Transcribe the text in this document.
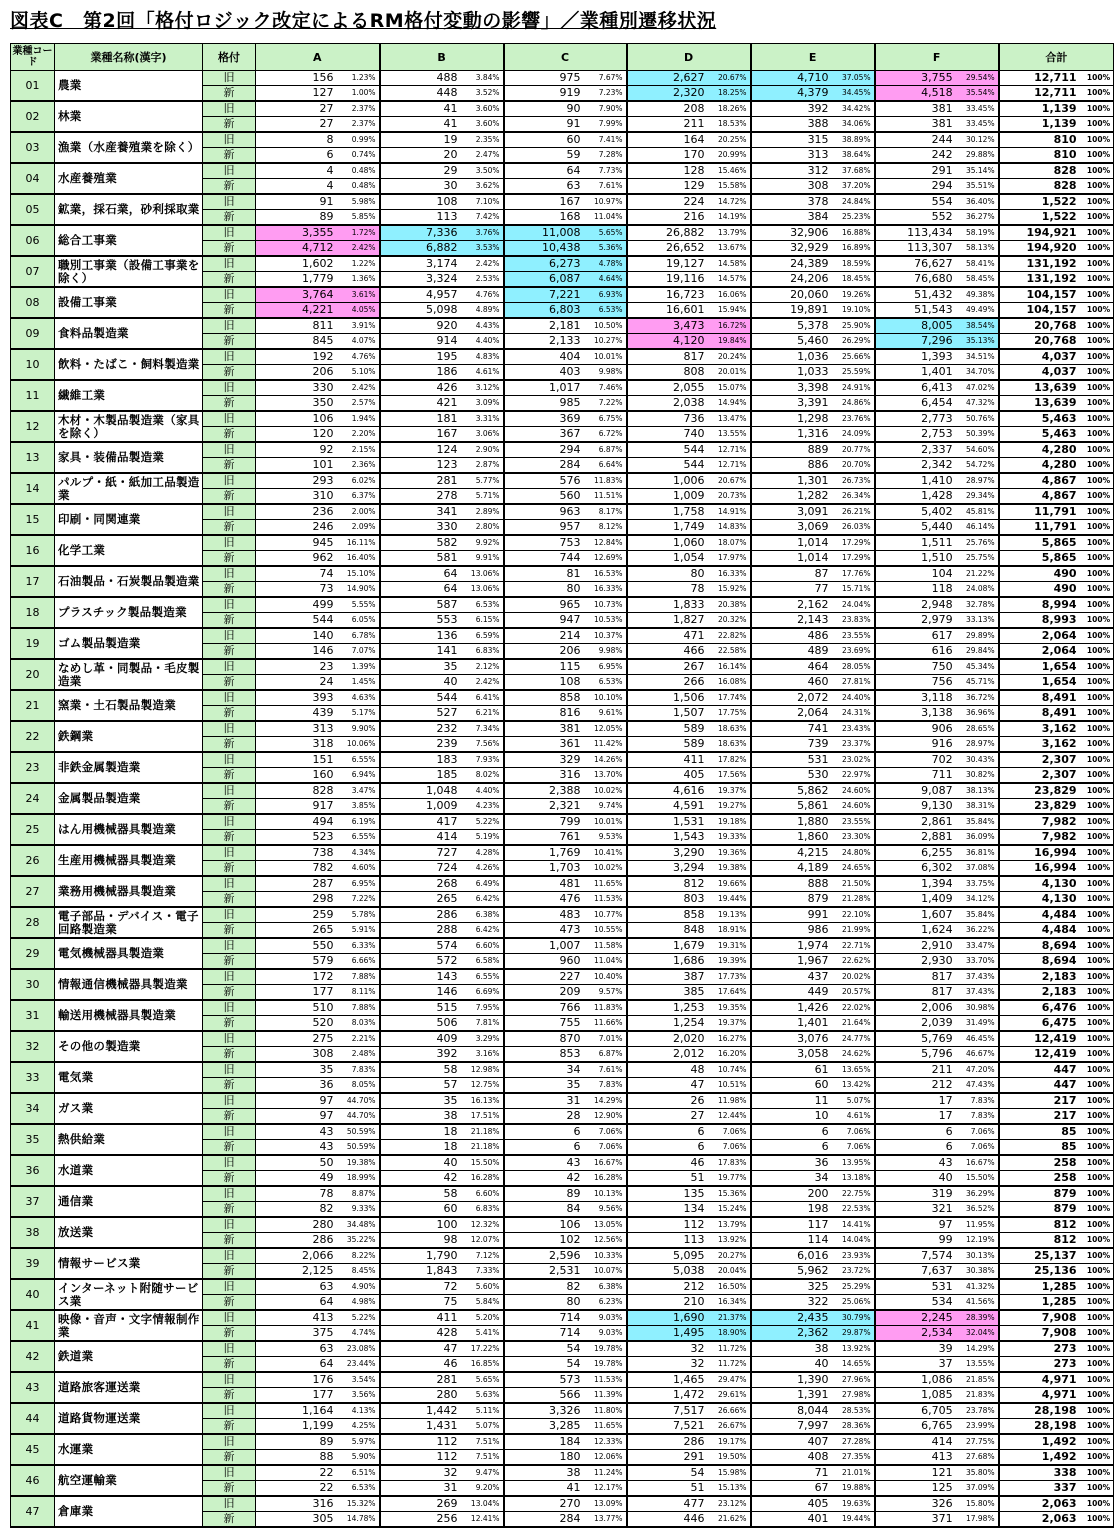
図表C　第2回「格付ロジック改定によるRM格付変動の影響」／業種別遷移状況
業種コード	業種名称(漢字)	格付	A		B		C		D		E		F		合計	
01	農業	旧	156	1.23%	488	3.84%	975	7.67%	2,627	20.67%	4,710	37.05%	3,755	29.54%	12,711	100%
		新	127	1.00%	448	3.52%	919	7.23%	2,320	18.25%	4,379	34.45%	4,518	35.54%	12,711	100%
02	林業	旧	27	2.37%	41	3.60%	90	7.90%	208	18.26%	392	34.42%	381	33.45%	1,139	100%
		新	27	2.37%	41	3.60%	91	7.99%	211	18.53%	388	34.06%	381	33.45%	1,139	100%
03	漁業（水産養殖業を除く）	旧	8	0.99%	19	2.35%	60	7.41%	164	20.25%	315	38.89%	244	30.12%	810	100%
		新	6	0.74%	20	2.47%	59	7.28%	170	20.99%	313	38.64%	242	29.88%	810	100%
04	水産養殖業	旧	4	0.48%	29	3.50%	64	7.73%	128	15.46%	312	37.68%	291	35.14%	828	100%
		新	4	0.48%	30	3.62%	63	7.61%	129	15.58%	308	37.20%	294	35.51%	828	100%
05	鉱業，採石業，砂利採取業	旧	91	5.98%	108	7.10%	167	10.97%	224	14.72%	378	24.84%	554	36.40%	1,522	100%
		新	89	5.85%	113	7.42%	168	11.04%	216	14.19%	384	25.23%	552	36.27%	1,522	100%
06	総合工事業	旧	3,355	1.72%	7,336	3.76%	11,008	5.65%	26,882	13.79%	32,906	16.88%	113,434	58.19%	194,921	100%
		新	4,712	2.42%	6,882	3.53%	10,438	5.36%	26,652	13.67%	32,929	16.89%	113,307	58.13%	194,920	100%
07	職別工事業（設備工事業を除く）	旧	1,602	1.22%	3,174	2.42%	6,273	4.78%	19,127	14.58%	24,389	18.59%	76,627	58.41%	131,192	100%
		新	1,779	1.36%	3,324	2.53%	6,087	4.64%	19,116	14.57%	24,206	18.45%	76,680	58.45%	131,192	100%
08	設備工事業	旧	3,764	3.61%	4,957	4.76%	7,221	6.93%	16,723	16.06%	20,060	19.26%	51,432	49.38%	104,157	100%
		新	4,221	4.05%	5,098	4.89%	6,803	6.53%	16,601	15.94%	19,891	19.10%	51,543	49.49%	104,157	100%
09	食料品製造業	旧	811	3.91%	920	4.43%	2,181	10.50%	3,473	16.72%	5,378	25.90%	8,005	38.54%	20,768	100%
		新	845	4.07%	914	4.40%	2,133	10.27%	4,120	19.84%	5,460	26.29%	7,296	35.13%	20,768	100%
10	飲料・たばこ・飼料製造業	旧	192	4.76%	195	4.83%	404	10.01%	817	20.24%	1,036	25.66%	1,393	34.51%	4,037	100%
		新	206	5.10%	186	4.61%	403	9.98%	808	20.01%	1,033	25.59%	1,401	34.70%	4,037	100%
11	繊維工業	旧	330	2.42%	426	3.12%	1,017	7.46%	2,055	15.07%	3,398	24.91%	6,413	47.02%	13,639	100%
		新	350	2.57%	421	3.09%	985	7.22%	2,038	14.94%	3,391	24.86%	6,454	47.32%	13,639	100%
12	木材・木製品製造業（家具を除く）	旧	106	1.94%	181	3.31%	369	6.75%	736	13.47%	1,298	23.76%	2,773	50.76%	5,463	100%
		新	120	2.20%	167	3.06%	367	6.72%	740	13.55%	1,316	24.09%	2,753	50.39%	5,463	100%
13	家具・装備品製造業	旧	92	2.15%	124	2.90%	294	6.87%	544	12.71%	889	20.77%	2,337	54.60%	4,280	100%
		新	101	2.36%	123	2.87%	284	6.64%	544	12.71%	886	20.70%	2,342	54.72%	4,280	100%
14	パルプ・紙・紙加工品製造業	旧	293	6.02%	281	5.77%	576	11.83%	1,006	20.67%	1,301	26.73%	1,410	28.97%	4,867	100%
		新	310	6.37%	278	5.71%	560	11.51%	1,009	20.73%	1,282	26.34%	1,428	29.34%	4,867	100%
15	印刷・同関連業	旧	236	2.00%	341	2.89%	963	8.17%	1,758	14.91%	3,091	26.21%	5,402	45.81%	11,791	100%
		新	246	2.09%	330	2.80%	957	8.12%	1,749	14.83%	3,069	26.03%	5,440	46.14%	11,791	100%
16	化学工業	旧	945	16.11%	582	9.92%	753	12.84%	1,060	18.07%	1,014	17.29%	1,511	25.76%	5,865	100%
		新	962	16.40%	581	9.91%	744	12.69%	1,054	17.97%	1,014	17.29%	1,510	25.75%	5,865	100%
17	石油製品・石炭製品製造業	旧	74	15.10%	64	13.06%	81	16.53%	80	16.33%	87	17.76%	104	21.22%	490	100%
		新	73	14.90%	64	13.06%	80	16.33%	78	15.92%	77	15.71%	118	24.08%	490	100%
18	プラスチック製品製造業	旧	499	5.55%	587	6.53%	965	10.73%	1,833	20.38%	2,162	24.04%	2,948	32.78%	8,994	100%
		新	544	6.05%	553	6.15%	947	10.53%	1,827	20.32%	2,143	23.83%	2,979	33.13%	8,993	100%
19	ゴム製品製造業	旧	140	6.78%	136	6.59%	214	10.37%	471	22.82%	486	23.55%	617	29.89%	2,064	100%
		新	146	7.07%	141	6.83%	206	9.98%	466	22.58%	489	23.69%	616	29.84%	2,064	100%
20	なめし革・同製品・毛皮製造業	旧	23	1.39%	35	2.12%	115	6.95%	267	16.14%	464	28.05%	750	45.34%	1,654	100%
		新	24	1.45%	40	2.42%	108	6.53%	266	16.08%	460	27.81%	756	45.71%	1,654	100%
21	窯業・土石製品製造業	旧	393	4.63%	544	6.41%	858	10.10%	1,506	17.74%	2,072	24.40%	3,118	36.72%	8,491	100%
		新	439	5.17%	527	6.21%	816	9.61%	1,507	17.75%	2,064	24.31%	3,138	36.96%	8,491	100%
22	鉄鋼業	旧	313	9.90%	232	7.34%	381	12.05%	589	18.63%	741	23.43%	906	28.65%	3,162	100%
		新	318	10.06%	239	7.56%	361	11.42%	589	18.63%	739	23.37%	916	28.97%	3,162	100%
23	非鉄金属製造業	旧	151	6.55%	183	7.93%	329	14.26%	411	17.82%	531	23.02%	702	30.43%	2,307	100%
		新	160	6.94%	185	8.02%	316	13.70%	405	17.56%	530	22.97%	711	30.82%	2,307	100%
24	金属製品製造業	旧	828	3.47%	1,048	4.40%	2,388	10.02%	4,616	19.37%	5,862	24.60%	9,087	38.13%	23,829	100%
		新	917	3.85%	1,009	4.23%	2,321	9.74%	4,591	19.27%	5,861	24.60%	9,130	38.31%	23,829	100%
25	はん用機械器具製造業	旧	494	6.19%	417	5.22%	799	10.01%	1,531	19.18%	1,880	23.55%	2,861	35.84%	7,982	100%
		新	523	6.55%	414	5.19%	761	9.53%	1,543	19.33%	1,860	23.30%	2,881	36.09%	7,982	100%
26	生産用機械器具製造業	旧	738	4.34%	727	4.28%	1,769	10.41%	3,290	19.36%	4,215	24.80%	6,255	36.81%	16,994	100%
		新	782	4.60%	724	4.26%	1,703	10.02%	3,294	19.38%	4,189	24.65%	6,302	37.08%	16,994	100%
27	業務用機械器具製造業	旧	287	6.95%	268	6.49%	481	11.65%	812	19.66%	888	21.50%	1,394	33.75%	4,130	100%
		新	298	7.22%	265	6.42%	476	11.53%	803	19.44%	879	21.28%	1,409	34.12%	4,130	100%
28	電子部品・デバイス・電子回路製造業	旧	259	5.78%	286	6.38%	483	10.77%	858	19.13%	991	22.10%	1,607	35.84%	4,484	100%
		新	265	5.91%	288	6.42%	473	10.55%	848	18.91%	986	21.99%	1,624	36.22%	4,484	100%
29	電気機械器具製造業	旧	550	6.33%	574	6.60%	1,007	11.58%	1,679	19.31%	1,974	22.71%	2,910	33.47%	8,694	100%
		新	579	6.66%	572	6.58%	960	11.04%	1,686	19.39%	1,967	22.62%	2,930	33.70%	8,694	100%
30	情報通信機械器具製造業	旧	172	7.88%	143	6.55%	227	10.40%	387	17.73%	437	20.02%	817	37.43%	2,183	100%
		新	177	8.11%	146	6.69%	209	9.57%	385	17.64%	449	20.57%	817	37.43%	2,183	100%
31	輸送用機械器具製造業	旧	510	7.88%	515	7.95%	766	11.83%	1,253	19.35%	1,426	22.02%	2,006	30.98%	6,476	100%
		新	520	8.03%	506	7.81%	755	11.66%	1,254	19.37%	1,401	21.64%	2,039	31.49%	6,475	100%
32	その他の製造業	旧	275	2.21%	409	3.29%	870	7.01%	2,020	16.27%	3,076	24.77%	5,769	46.45%	12,419	100%
		新	308	2.48%	392	3.16%	853	6.87%	2,012	16.20%	3,058	24.62%	5,796	46.67%	12,419	100%
33	電気業	旧	35	7.83%	58	12.98%	34	7.61%	48	10.74%	61	13.65%	211	47.20%	447	100%
		新	36	8.05%	57	12.75%	35	7.83%	47	10.51%	60	13.42%	212	47.43%	447	100%
34	ガス業	旧	97	44.70%	35	16.13%	31	14.29%	26	11.98%	11	5.07%	17	7.83%	217	100%
		新	97	44.70%	38	17.51%	28	12.90%	27	12.44%	10	4.61%	17	7.83%	217	100%
35	熱供給業	旧	43	50.59%	18	21.18%	6	7.06%	6	7.06%	6	7.06%	6	7.06%	85	100%
		新	43	50.59%	18	21.18%	6	7.06%	6	7.06%	6	7.06%	6	7.06%	85	100%
36	水道業	旧	50	19.38%	40	15.50%	43	16.67%	46	17.83%	36	13.95%	43	16.67%	258	100%
		新	49	18.99%	42	16.28%	42	16.28%	51	19.77%	34	13.18%	40	15.50%	258	100%
37	通信業	旧	78	8.87%	58	6.60%	89	10.13%	135	15.36%	200	22.75%	319	36.29%	879	100%
		新	82	9.33%	60	6.83%	84	9.56%	134	15.24%	198	22.53%	321	36.52%	879	100%
38	放送業	旧	280	34.48%	100	12.32%	106	13.05%	112	13.79%	117	14.41%	97	11.95%	812	100%
		新	286	35.22%	98	12.07%	102	12.56%	113	13.92%	114	14.04%	99	12.19%	812	100%
39	情報サービス業	旧	2,066	8.22%	1,790	7.12%	2,596	10.33%	5,095	20.27%	6,016	23.93%	7,574	30.13%	25,137	100%
		新	2,125	8.45%	1,843	7.33%	2,531	10.07%	5,038	20.04%	5,962	23.72%	7,637	30.38%	25,136	100%
40	インターネット附随サービス業	旧	63	4.90%	72	5.60%	82	6.38%	212	16.50%	325	25.29%	531	41.32%	1,285	100%
		新	64	4.98%	75	5.84%	80	6.23%	210	16.34%	322	25.06%	534	41.56%	1,285	100%
41	映像・音声・文字情報制作業	旧	413	5.22%	411	5.20%	714	9.03%	1,690	21.37%	2,435	30.79%	2,245	28.39%	7,908	100%
		新	375	4.74%	428	5.41%	714	9.03%	1,495	18.90%	2,362	29.87%	2,534	32.04%	7,908	100%
42	鉄道業	旧	63	23.08%	47	17.22%	54	19.78%	32	11.72%	38	13.92%	39	14.29%	273	100%
		新	64	23.44%	46	16.85%	54	19.78%	32	11.72%	40	14.65%	37	13.55%	273	100%
43	道路旅客運送業	旧	176	3.54%	281	5.65%	573	11.53%	1,465	29.47%	1,390	27.96%	1,086	21.85%	4,971	100%
		新	177	3.56%	280	5.63%	566	11.39%	1,472	29.61%	1,391	27.98%	1,085	21.83%	4,971	100%
44	道路貨物運送業	旧	1,164	4.13%	1,442	5.11%	3,326	11.80%	7,517	26.66%	8,044	28.53%	6,705	23.78%	28,198	100%
		新	1,199	4.25%	1,431	5.07%	3,285	11.65%	7,521	26.67%	7,997	28.36%	6,765	23.99%	28,198	100%
45	水運業	旧	89	5.97%	112	7.51%	184	12.33%	286	19.17%	407	27.28%	414	27.75%	1,492	100%
		新	88	5.90%	112	7.51%	180	12.06%	291	19.50%	408	27.35%	413	27.68%	1,492	100%
46	航空運輸業	旧	22	6.51%	32	9.47%	38	11.24%	54	15.98%	71	21.01%	121	35.80%	338	100%
		新	22	6.53%	31	9.20%	41	12.17%	51	15.13%	67	19.88%	125	37.09%	337	100%
47	倉庫業	旧	316	15.32%	269	13.04%	270	13.09%	477	23.12%	405	19.63%	326	15.80%	2,063	100%
		新	305	14.78%	256	12.41%	284	13.77%	446	21.62%	401	19.44%	371	17.98%	2,063	100%
